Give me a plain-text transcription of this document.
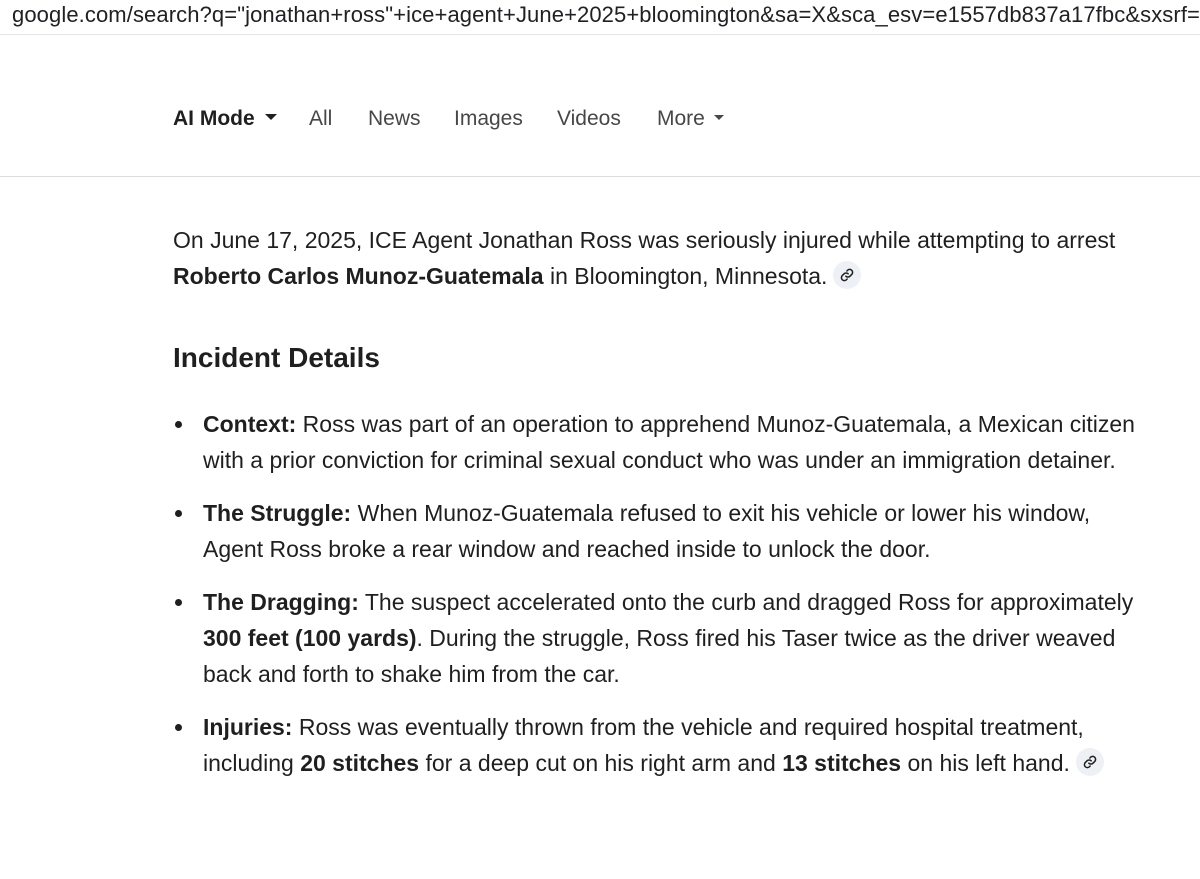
google.com/search?q="jonathan+ross"+ice+agent+June+2025+bloomington&sa=X&sca_esv=e1557db837a17fbc&sxsrf=
AI Mode	All News Images Videos More

On June 17, 2025, ICE Agent Jonathan Ross was seriously injured while attempting to arrest Roberto Carlos Munoz-Guatemala in Bloomington, Minnesota.

Incident Details
Context: Ross was part of an operation to apprehend Munoz-Guatemala, a Mexican citizen with a prior conviction for criminal sexual conduct who was under an immigration detainer.
The Struggle: When Munoz-Guatemala refused to exit his vehicle or lower his window, Agent Ross broke a rear window and reached inside to unlock the door.
The Dragging: The suspect accelerated onto the curb and dragged Ross for approximately 300 feet (100 yards). During the struggle, Ross fired his Taser twice as the driver weaved back and forth to shake him from the car.
Injuries: Ross was eventually thrown from the vehicle and required hospital treatment, including 20 stitches for a deep cut on his right arm and 13 stitches on his left hand.
